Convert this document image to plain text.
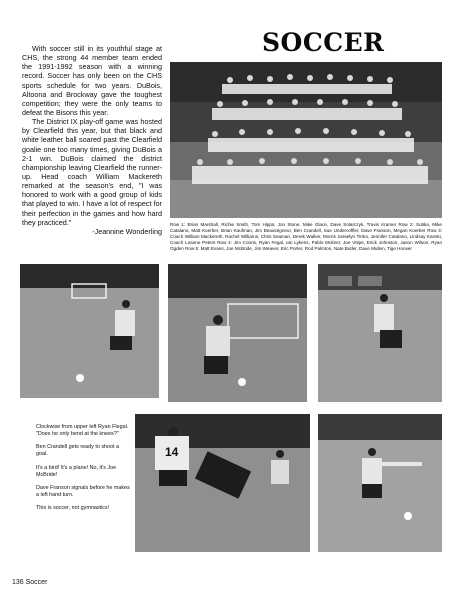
With soccer still in its youthful stage at CHS, the strong 44 member team ended the 1991-1992 season with a winning record. Soccer has only been on the CHS sports schedule for two years. DuBois, Altoona and Brockway gave the toughest competition; they were the only teams to defeat the Bisons this year.

The District IX play-off game was hosted by Clearfield this year, but that black and white leather ball soared past the Clearfield goalie one too many times, giving DuBois a 2-1 win. DuBois claimed the district championship leaving Clearfield the runner-up. Head coach William Mackereth remarked at the season's end, "I was honored to work with a good group of kids that played to win. I have a lot of respect for their perfection in the games and how hard they practiced."

-Jeannine Wonderling

SOCCER
Row 1: Brian Marshall, Richie Smith, Tom Hipps, Jon Stone, Mike Glace, Dave Solarczyk, Travis Kramer Row 2: Sutika, Mike Catalano, Matt Koerber, Brian Kaufman, Jim Beauségneur, Ben Crandell, Sue Underceffler, Dave Franson, Megan Koerber Row 3: Coach William Mackereth, Rachel Williams, Chris Seaman, Derek Walker, Morris Josselyn Tirrko, Jennifer Catalano, Lindsay Kanski, Coach Leanne Peters Row 4: Jim Coons, Ryan Fegal, Ian Lykens, Pablo Moliner, Joe Volpe, Erick Johnston, Jason Wilson, Ryan Ogden Row 5: Matt Evans, Joe McBride, Jim Weaver, Eric Porter, Rod Palmton, Nate Butler, Dave Mullen, Tige Hoover
14

Clockwise from upper left Ryan Flegal. "Does he only bend at the knees?"

Ben Crandell gets ready to shoot a goal.

It's a bird! It's a plane! No, it's Joe McBride!

Dave Franson signals before he makes a left hand turn.

This is soccer, not gymnastics!

136 Soccer
